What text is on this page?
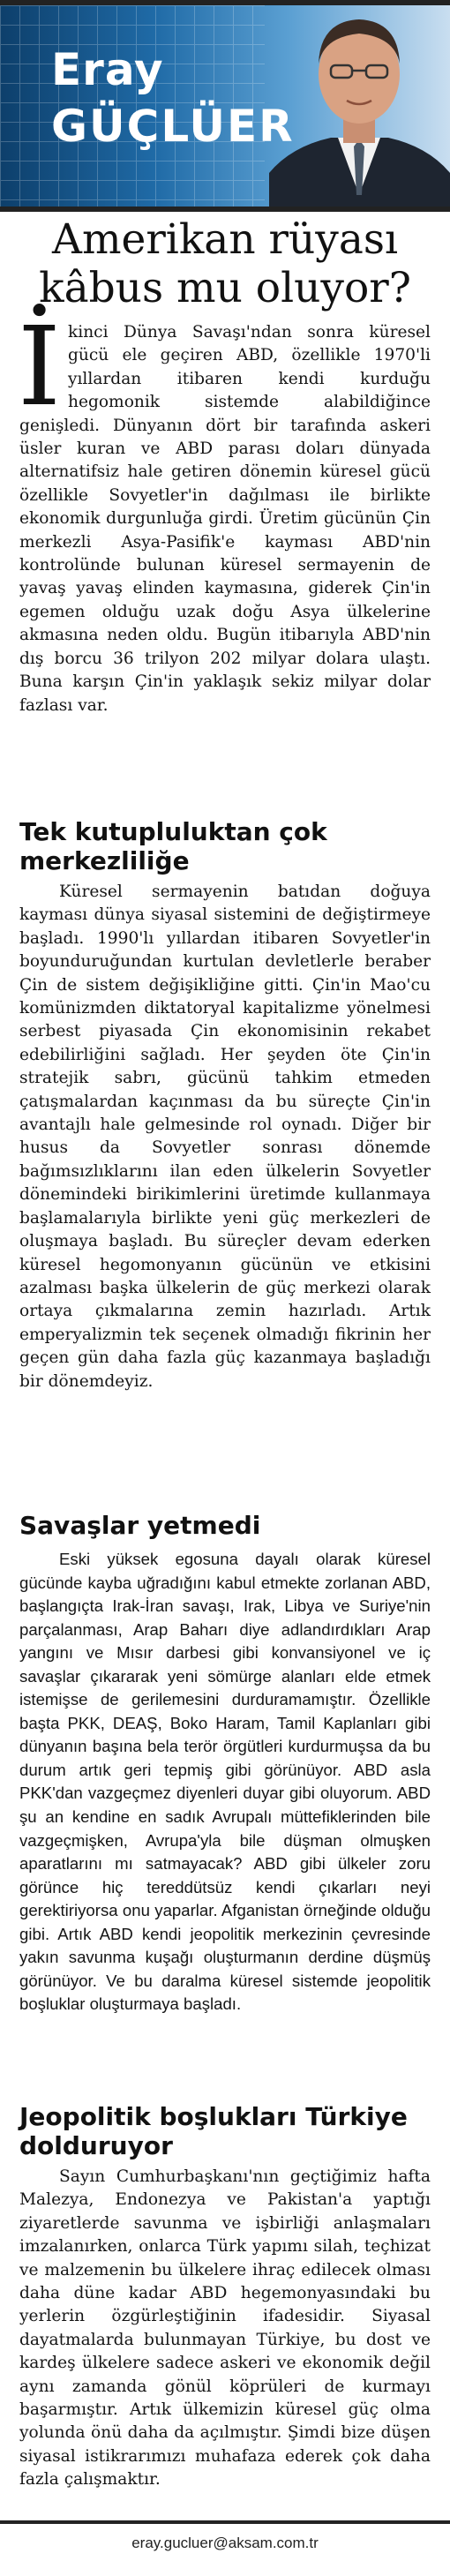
Eray
GÜÇLÜER
Amerikan rüyası kâbus mu oluyor?

İkinci Dünya Savaşı'ndan sonra küresel gücü ele geçiren ABD, özellikle 1970'li yıllardan itibaren kendi kurduğu hegomonik sistemde alabildiğince genişledi. Dünyanın dört bir tarafında askeri üsler kuran ve ABD parası doları dünyada alternatifsiz hale getiren dönemin küresel gücü özellikle Sovyetler'in dağılması ile birlikte ekonomik durgunluğa girdi. Üretim gücünün Çin merkezli Asya-Pasifik'e kayması ABD'nin kontrolünde bulunan küresel sermayenin de yavaş yavaş elinden kaymasına, giderek Çin'in egemen olduğu uzak doğu Asya ülkelerine akmasına neden oldu. Bugün itibarıyla ABD'nin dış borcu 36 trilyon 202 milyar dolara ulaştı. Buna karşın Çin'in yaklaşık sekiz milyar dolar fazlası var.

Tek kutupluluktan çok merkezliliğe

Küresel sermayenin batıdan doğuya kayması dünya siyasal sistemini de değiştirmeye başladı. 1990'lı yıllardan itibaren Sovyetler'in boyunduruğundan kurtulan devletlerle beraber Çin de sistem değişikliğine gitti. Çin'in Mao'cu komünizmden diktatoryal kapitalizme yönelmesi serbest piyasada Çin ekonomisinin rekabet edebilirliğini sağladı. Her şeyden öte Çin'in stratejik sabrı, gücünü tahkim etmeden çatışmalardan kaçınması da bu süreçte Çin'in avantajlı hale gelmesinde rol oynadı. Diğer bir husus da Sovyetler sonrası dönemde bağımsızlıklarını ilan eden ülkelerin Sovyetler dönemindeki birikimlerini üretimde kullanmaya başlamalarıyla birlikte yeni güç merkezleri de oluşmaya başladı. Bu süreçler devam ederken küresel hegomonyanın gücünün ve etkisini azalması başka ülkelerin de güç merkezi olarak ortaya çıkmalarına zemin hazırladı. Artık emperyalizmin tek seçenek olmadığı fikrinin her geçen gün daha fazla güç kazanmaya başladığı bir dönemdeyiz.

Savaşlar yetmedi

Eski yüksek egosuna dayalı olarak küresel gücünde kayba uğradığını kabul etmekte zorlanan ABD, başlangıçta Irak-İran savaşı, Irak, Libya ve Suriye'nin parçalanması, Arap Baharı diye adlandırdıkları Arap yangını ve Mısır darbesi gibi konvansiyonel ve iç savaşlar çıkararak yeni sömürge alanları elde etmek istemişse de gerilemesini durduramamıştır. Özellikle başta PKK, DEAŞ, Boko Haram, Tamil Kaplanları gibi dünyanın başına bela terör örgütleri kurdurmuşsa da bu durum artık geri tepmiş gibi görünüyor. ABD asla PKK'dan vazgeçmez diyenleri duyar gibi oluyorum. ABD şu an kendine en sadık Avrupalı müttefiklerinden bile vazgeçmişken, Avrupa'yla bile düşman olmuşken aparatlarını mı satmayacak? ABD gibi ülkeler zoru görünce hiç tereddütsüz kendi çıkarları neyi gerektiriyorsa onu yaparlar. Afganistan örneğinde olduğu gibi. Artık ABD kendi jeopolitik merkezinin çevresinde yakın savunma kuşağı oluşturmanın derdine düşmüş görünüyor. Ve bu daralma küresel sistemde jeopolitik boşluklar oluşturmaya başladı.

Jeopolitik boşlukları Türkiye dolduruyor

Sayın Cumhurbaşkanı'nın geçtiğimiz hafta Malezya, Endonezya ve Pakistan'a yaptığı ziyaretlerde savunma ve işbirliği anlaşmaları imzalanırken, onlarca Türk yapımı silah, teçhizat ve malzemenin bu ülkelere ihraç edilecek olması daha düne kadar ABD hegemonyasındaki bu yerlerin özgürleştiğinin ifadesidir. Siyasal dayatmalarda bulunmayan Türkiye, bu dost ve kardeş ülkelere sadece askeri ve ekonomik değil aynı zamanda gönül köprüleri de kurmayı başarmıştır. Artık ülkemizin küresel güç olma yolunda önü daha da açılmıştır. Şimdi bize düşen siyasal istikrarımızı muhafaza ederek çok daha fazla çalışmaktır.

eray.gucluer@aksam.com.tr
